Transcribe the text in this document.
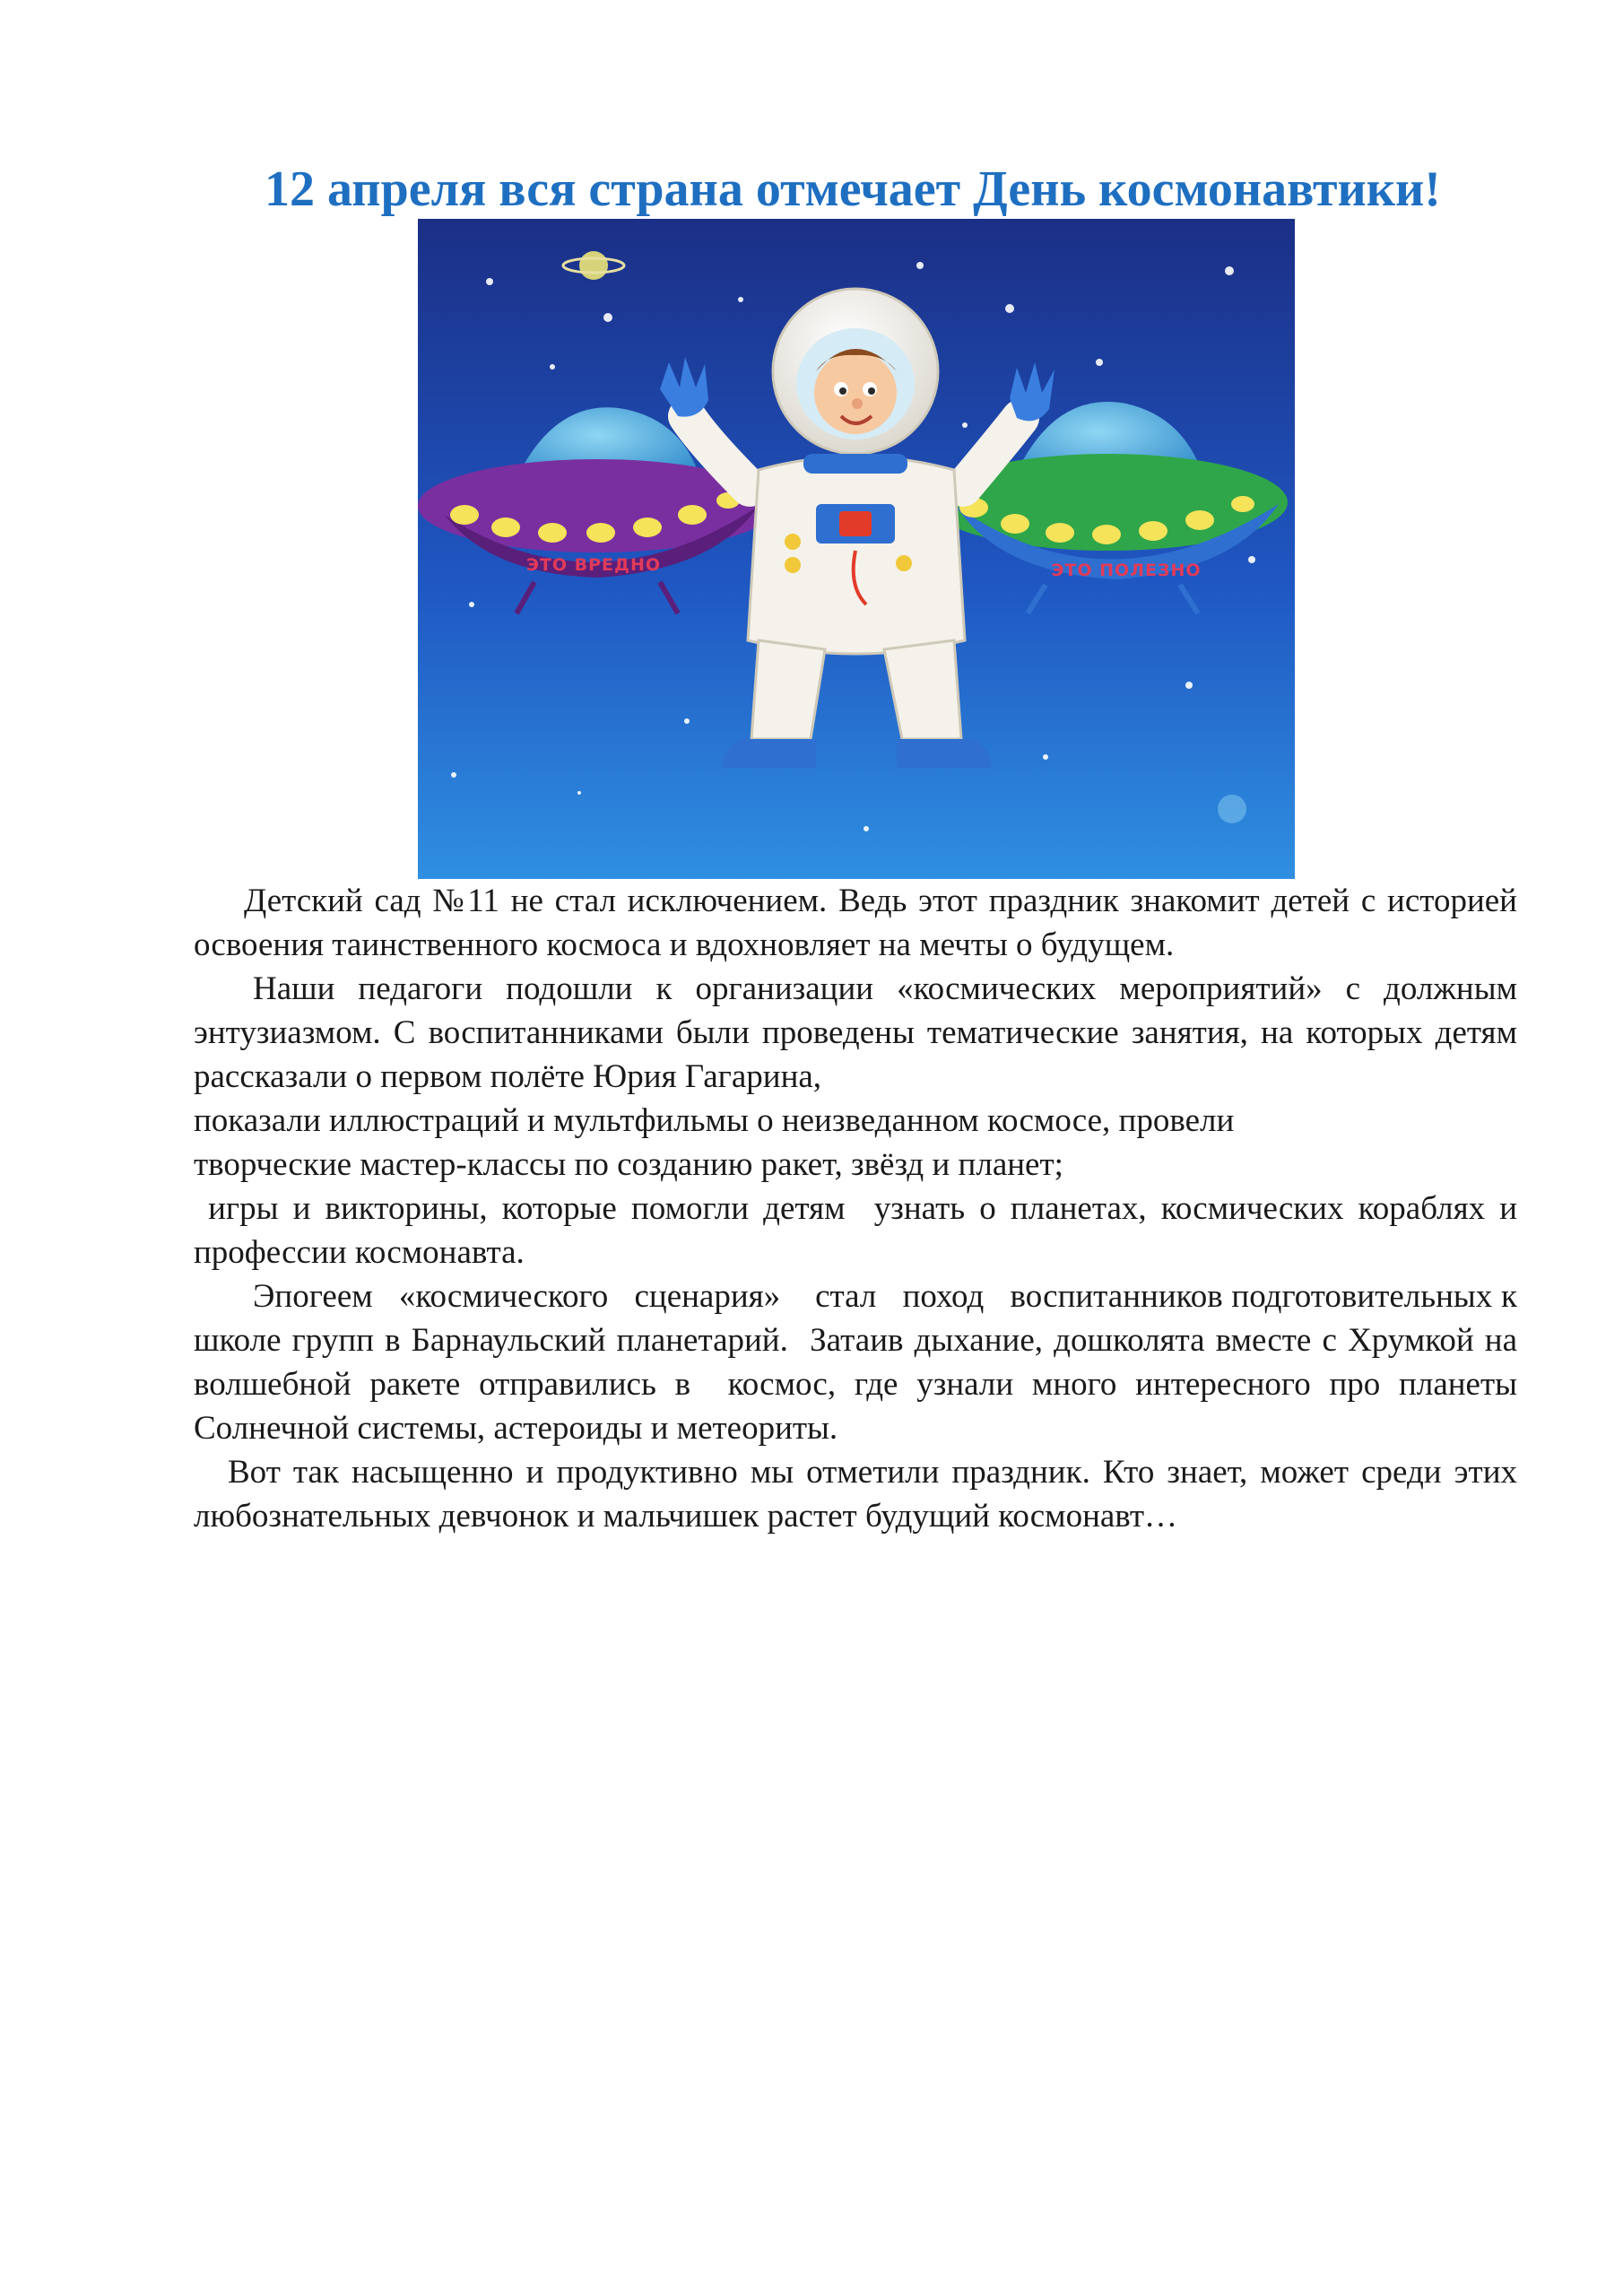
12 апреля вся страна отмечает День космонавтики!
ЭТО ВРЕДНО	ЭТО ПОЛЕЗНО

Детский сад №11 не стал исключением. Ведь этот праздник знакомит детей с историей освоения таинственного космоса и вдохновляет на мечты о будущем.

Наши педагоги подошли к организации «космических мероприятий» с должным энтузиазмом. С воспитанниками были проведены тематические занятия, на которых детям рассказали о первом полёте Юрия Гагарина,

показали иллюстраций и мультфильмы о неизведанном космосе, провели

творческие мастер-классы по созданию ракет, звёзд и планет;

игры и викторины, которые помогли детям  узнать о планетах, космических кораблях и профессии космонавта.

Эпогеем   «космического   сценария»    стал   поход   воспитанников подготовительных к школе групп в Барнаульский планетарий.  Затаив дыхание, дошколята вместе с Хрумкой на волшебной ракете отправились в  космос, где узнали много интересного про планеты Солнечной системы, астероиды и метеориты.

Вот так насыщенно и продуктивно мы отметили праздник. Кто знает, может среди этих любознательных девчонок и мальчишек растет будущий космонавт…
